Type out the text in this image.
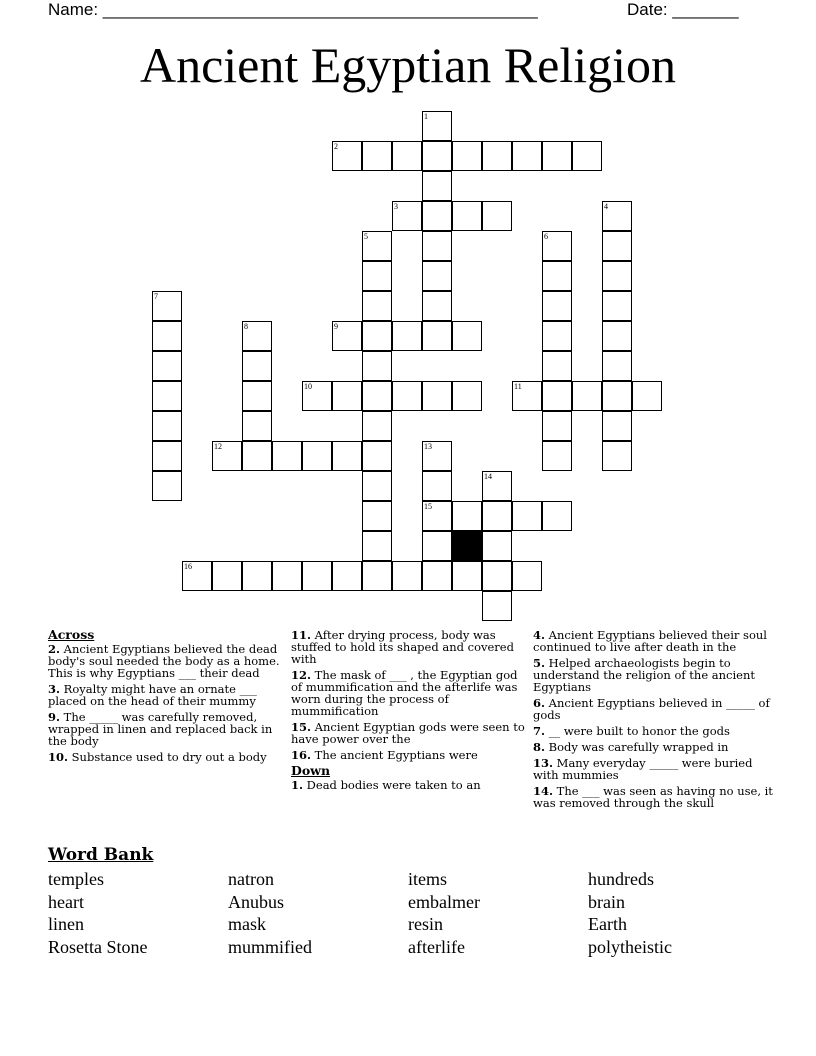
Name: ______________________________________________	Date: _______
Ancient Egyptian Religion
1
2
3	4
5	6
7
8	9
10	11
12	13
15
14
16
Across
2. Ancient Egyptians believed the dead body's soul needed the body as a home. This is why Egyptians ___ their dead
3. Royalty might have an ornate ___ placed on the head of their mummy
9. The _____ was carefully removed, wrapped in linen and replaced back in the body
10. Substance used to dry out a body
11. After drying process, body was stuffed to hold its shaped and covered with
12. The mask of ___ , the Egyptian god of mummification and the afterlife was worn during the process of mummification
15. Ancient Egyptian gods were seen to have power over the
16. The ancient Egyptians were
Down
1. Dead bodies were taken to an
4. Ancient Egyptians believed their soul continued to live after death in the
5. Helped archaeologists begin to understand the religion of the ancient Egyptians
6. Ancient Egyptians believed in _____ of gods
7. __ were built to honor the gods
8. Body was carefully wrapped in
13. Many everyday _____ were buried with mummies
14. The ___ was seen as having no use, it was removed through the skull
Word Bank
temples	natron	items	hundreds
heart	Anubus	embalmer	brain
linen	mask	resin	Earth
Rosetta Stone	mummified	afterlife	polytheistic
